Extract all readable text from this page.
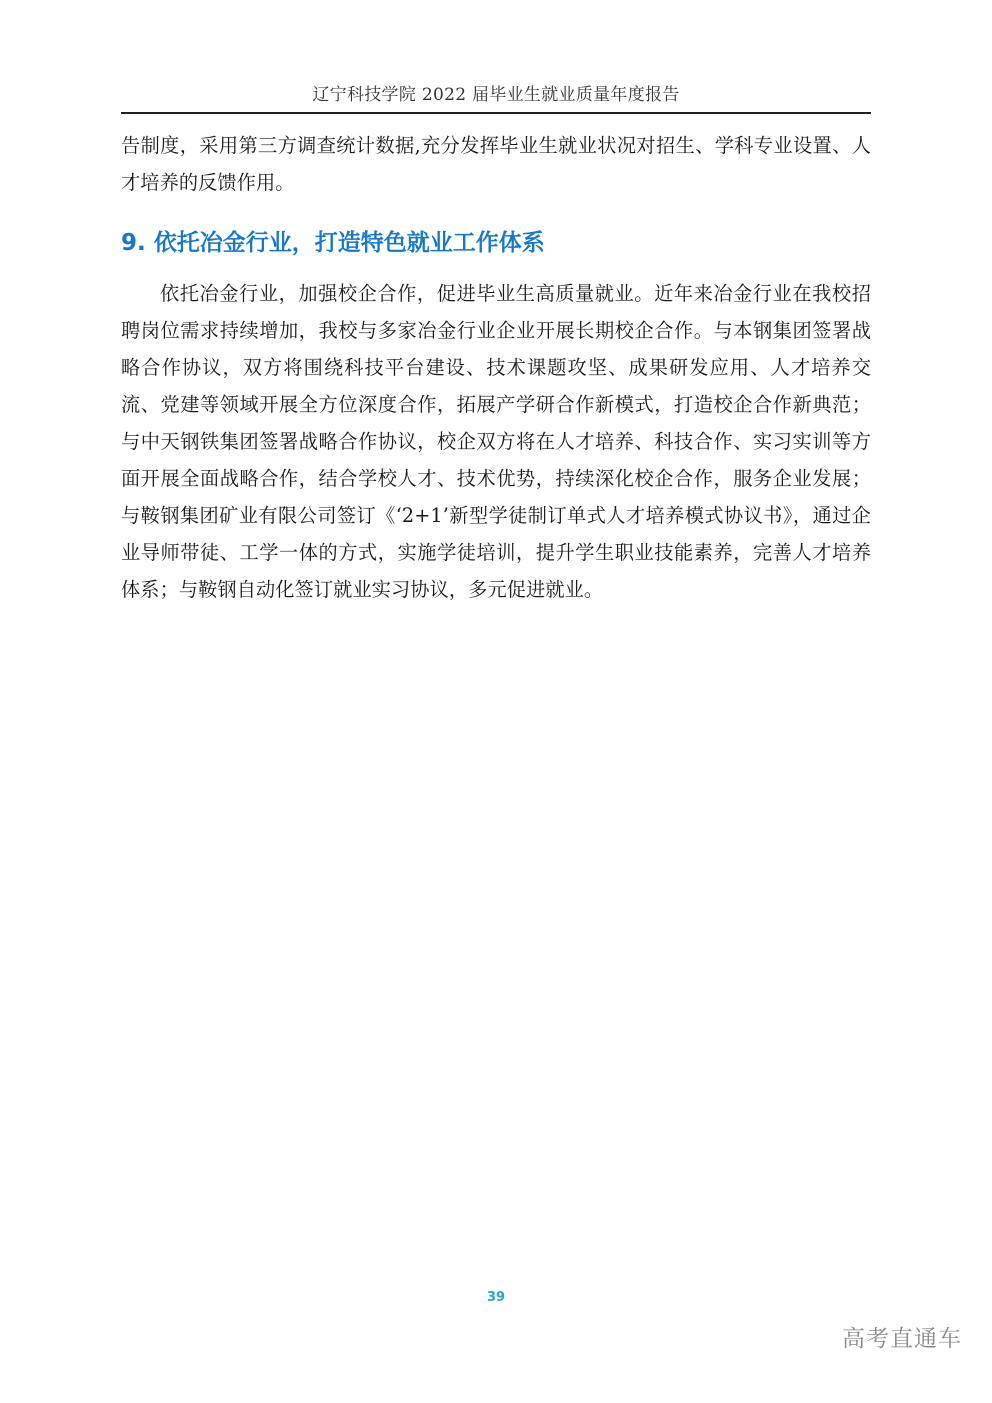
辽宁科技学院 2022 届毕业生就业质量年度报告

告制度，采用第三方调查统计数据,充分发挥毕业生就业状况对招生、学科专业设置、人才培养的反馈作用。

9. 依托冶金行业，打造特色就业工作体系

依托冶金行业，加强校企合作，促进毕业生高质量就业。近年来冶金行业在我校招聘岗位需求持续增加，我校与多家冶金行业企业开展长期校企合作。与本钢集团签署战略合作协议，双方将围绕科技平台建设、技术课题攻坚、成果研发应用、人才培养交流、党建等领域开展全方位深度合作，拓展产学研合作新模式，打造校企合作新典范；与中天钢铁集团签署战略合作协议，校企双方将在人才培养、科技合作、实习实训等方面开展全面战略合作，结合学校人才、技术优势，持续深化校企合作，服务企业发展；与鞍钢集团矿业有限公司签订《‘2+1’新型学徒制订单式人才培养模式协议书》，通过企业导师带徒、工学一体的方式，实施学徒培训，提升学生职业技能素养，完善人才培养体系；与鞍钢自动化签订就业实习协议，多元促进就业。

39
高考直通车
